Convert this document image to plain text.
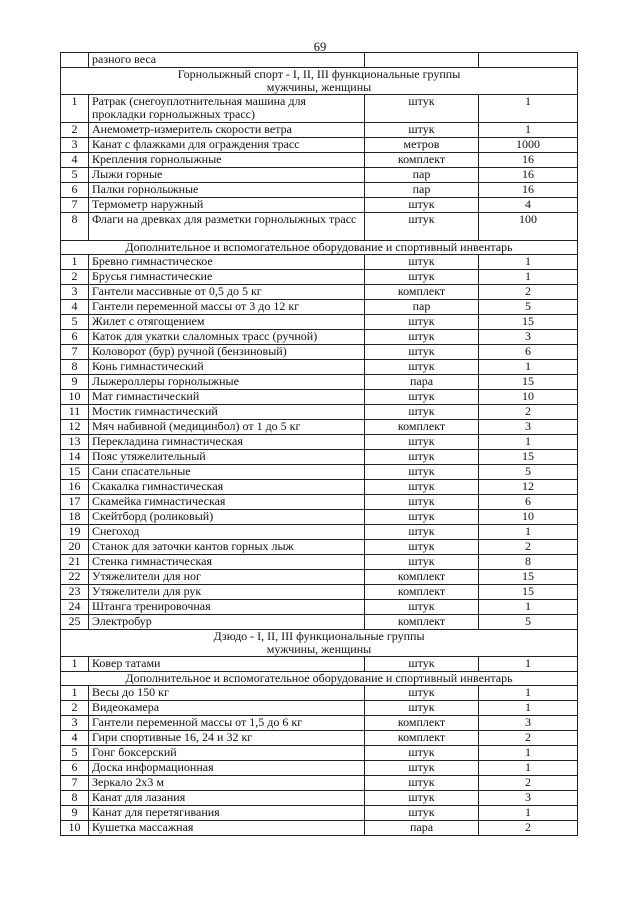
69
	разного веса		
Горнолыжный спорт - I, II, III функциональные группы
мужчины, женщины			
1	Ратрак (снегоуплотнительная машина для прокладки горнолыжных трасс)	штук	1
2	Анемометр-измеритель скорости ветра	штук	1
3	Канат с флажками для ограждения трасс	метров	1000
4	Крепления горнолыжные	комплект	16
5	Лыжи горные	пар	16
6	Палки горнолыжные	пар	16
7	Термометр наружный	штук	4
8	Флаги на древках для разметки горнолыжных трасс	штук	100
Дополнительное и вспомогательное оборудование и спортивный инвентарь			
1	Бревно гимнастическое	штук	1
2	Брусья гимнастические	штук	1
3	Гантели массивные от 0,5 до 5 кг	комплект	2
4	Гантели переменной массы от 3 до 12 кг	пар	5
5	Жилет с отягощением	штук	15
6	Каток для укатки слаломных трасс (ручной)	штук	3
7	Коловорот (бур) ручной (бензиновый)	штук	6
8	Конь гимнастический	штук	1
9	Лыжероллеры горнолыжные	пара	15
10	Мат гимнастический	штук	10
11	Мостик гимнастический	штук	2
12	Мяч набивной (медицинбол) от 1 до 5 кг	комплект	3
13	Перекладина гимнастическая	штук	1
14	Пояс утяжелительный	штук	15
15	Сани спасательные	штук	5
16	Скакалка гимнастическая	штук	12
17	Скамейка гимнастическая	штук	6
18	Скейтборд (роликовый)	штук	10
19	Снегоход	штук	1
20	Станок для заточки кантов горных лыж	штук	2
21	Стенка гимнастическая	штук	8
22	Утяжелители для ног	комплект	15
23	Утяжелители для рук	комплект	15
24	Штанга тренировочная	штук	1
25	Электробур	комплект	5
Дзюдо - I, II, III функциональные группы
мужчины, женщины			
1	Ковер татами	штук	1
Дополнительное и вспомогательное оборудование и спортивный инвентарь			
1	Весы до 150 кг	штук	1
2	Видеокамера	штук	1
3	Гантели переменной массы от 1,5 до 6 кг	комплект	3
4	Гири спортивные 16, 24 и 32 кг	комплект	2
5	Гонг боксерский	штук	1
6	Доска информационная	штук	1
7	Зеркало 2х3 м	штук	2
8	Канат для лазания	штук	3
9	Канат для перетягивания	штук	1
10	Кушетка массажная	пара	2
